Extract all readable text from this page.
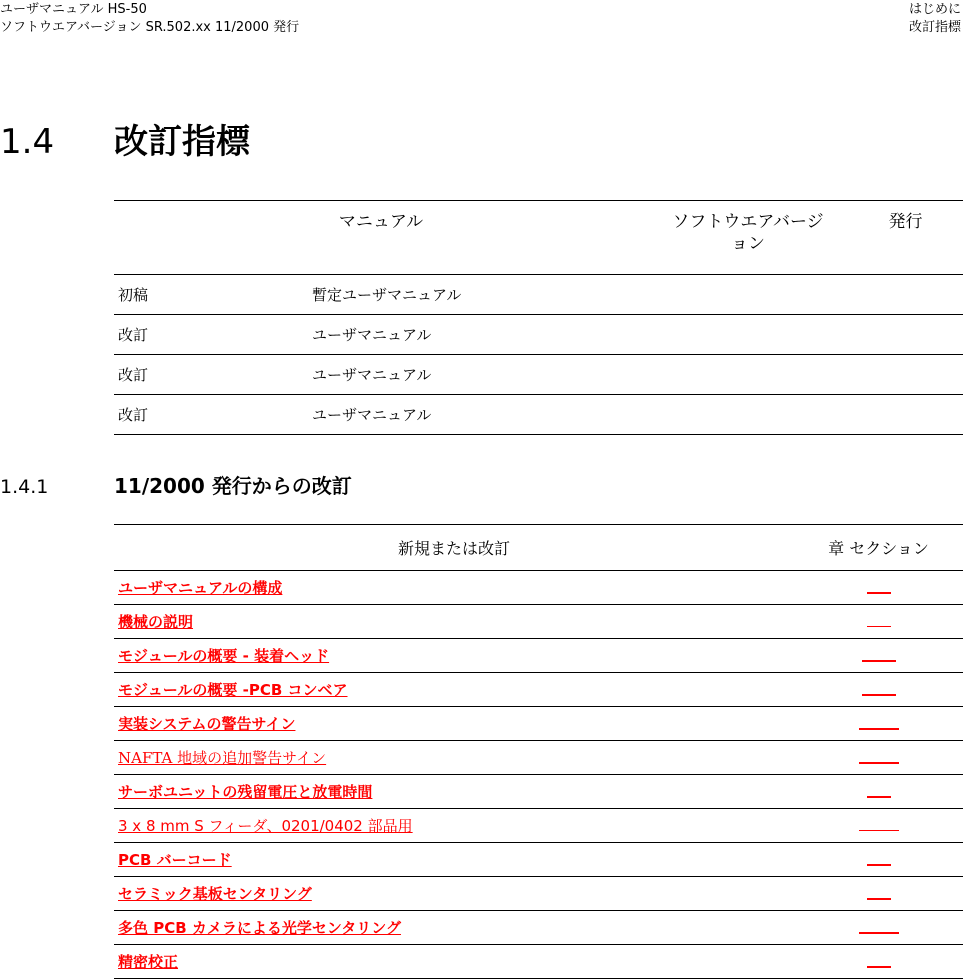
ユーザマニュアル HS-50
ソフトウエアバージョン SR.502.xx 11/2000 発行
はじめに
改訂指標
1.4 改訂指標
マニュアル		ソフトウエアバージョン	発行
初稿	暫定ユーザマニュアル		
改訂	ユーザマニュアル		
改訂	ユーザマニュアル		
改訂	ユーザマニュアル		
1.4.1	11/2000 発行からの改訂
新規または改訂	章 セクション
ユーザマニュアルの構成	
機械の説明	
モジュールの概要 - 装着ヘッド	
モジュールの概要 -PCB コンベア	
実装システムの警告サイン	
NAFTA 地域の追加警告サイン	
サーボユニットの残留電圧と放電時間	
3 x 8 mm S フィーダ、0201/0402 部品用	
PCB バーコード	
セラミック基板センタリング	
多色 PCB カメラによる光学センタリング	
精密校正	
